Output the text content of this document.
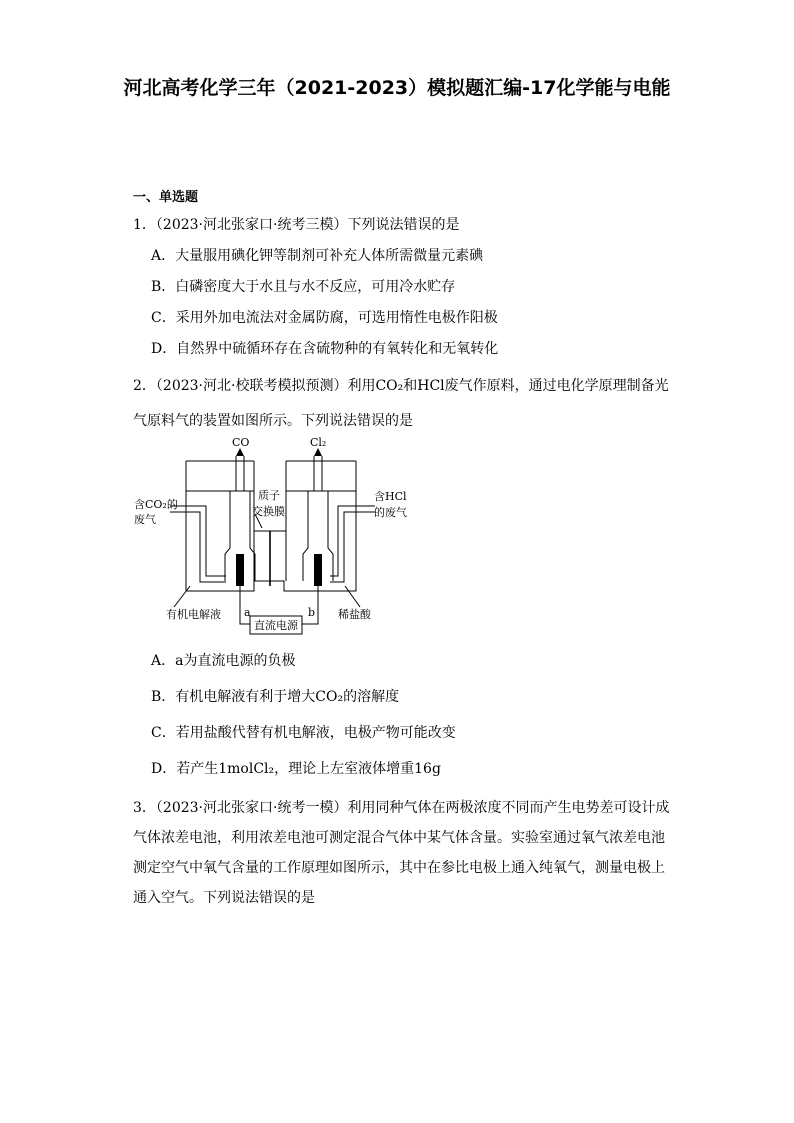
河北高考化学三年（2021-2023）模拟题汇编-17化学能与电能
一、单选题
1．（2023·河北张家口·统考三模）下列说法错误的是
A．大量服用碘化钾等制剂可补充人体所需微量元素碘
B．白磷密度大于水且与水不反应，可用冷水贮存
C．采用外加电流法对金属防腐，可选用惰性电极作阳极
D．自然界中硫循环存在含硫物种的有氧转化和无氧转化
2．（2023·河北·校联考模拟预测）利用CO₂和HCl废气作原料，通过电化学原理制备光
气原料气的装置如图所示。下列说法错误的是
CO	Cl₂
质子
交换膜
含CO₂的
废气
含HCl
的废气
有机电解液	稀盐酸
a	b
直流电源
A．a为直流电源的负极
B．有机电解液有利于增大CO₂的溶解度
C．若用盐酸代替有机电解液，电极产物可能改变
D．若产生1molCl₂，理论上左室液体增重16g
3．（2023·河北张家口·统考一模）利用同种气体在两极浓度不同而产生电势差可设计成
气体浓差电池，利用浓差电池可测定混合气体中某气体含量。实验室通过氧气浓差电池
测定空气中氧气含量的工作原理如图所示，其中在参比电极上通入纯氧气，测量电极上
通入空气。下列说法错误的是
